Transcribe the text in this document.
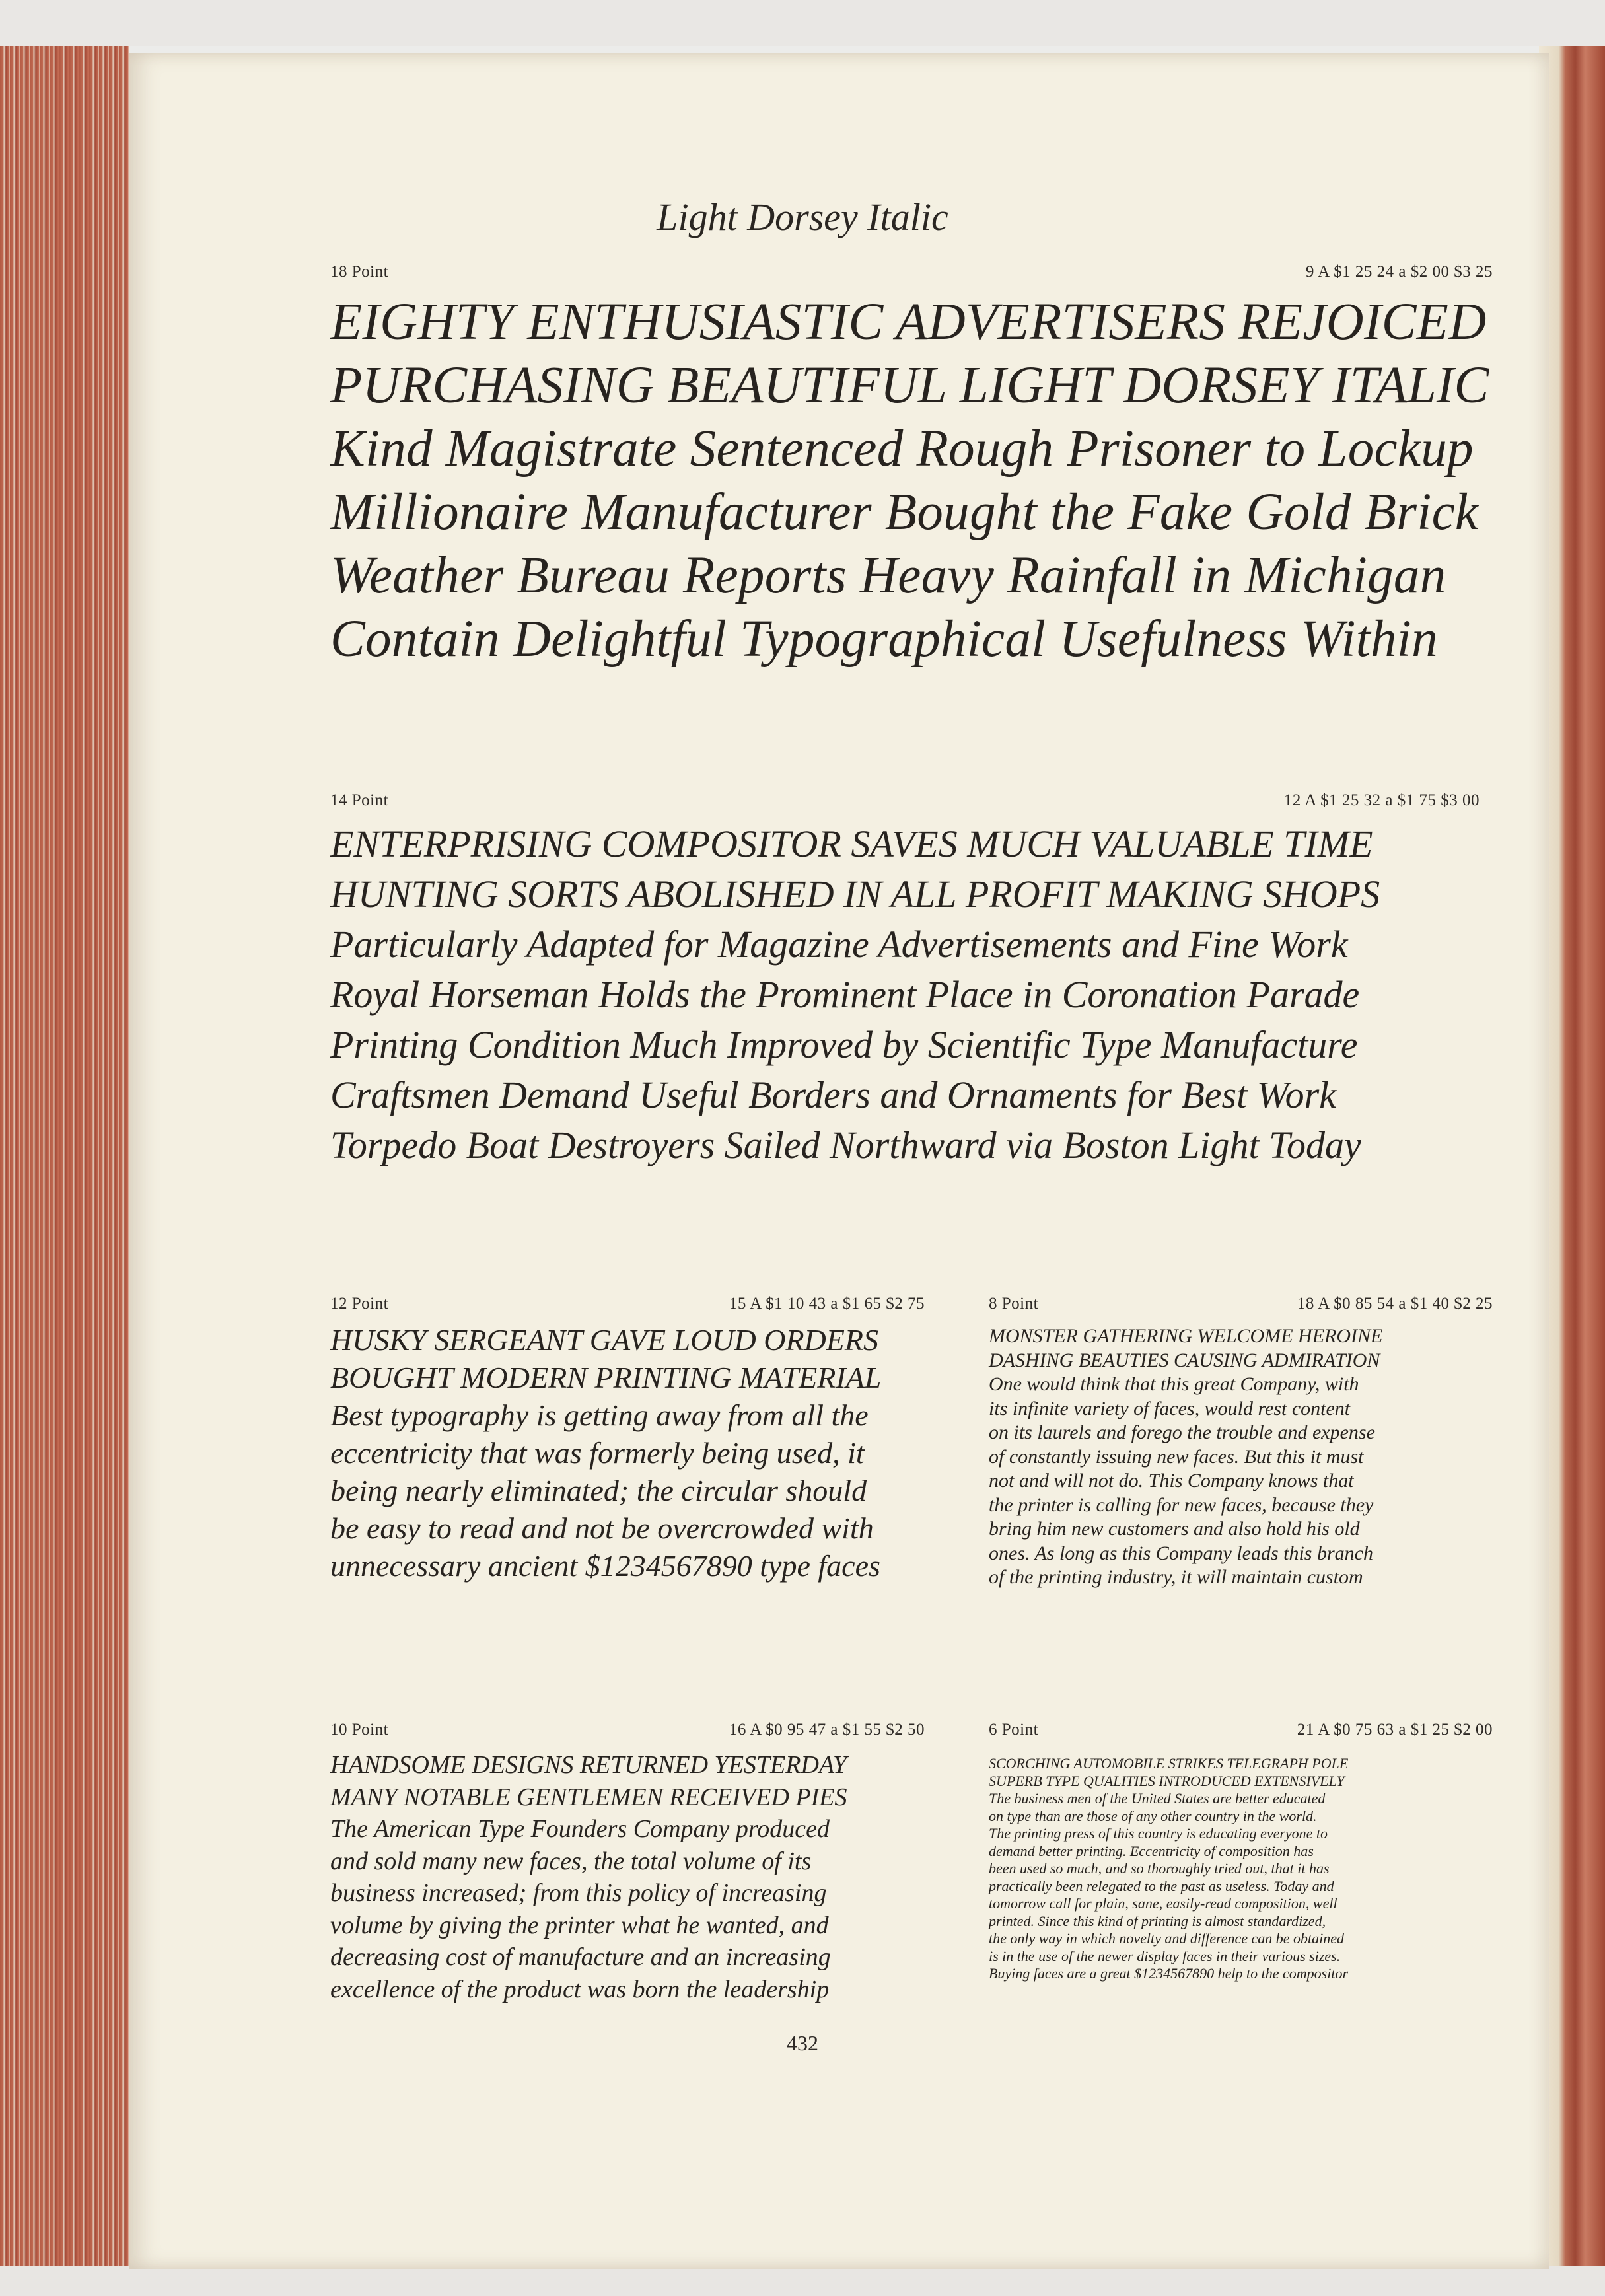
Light Dorsey Italic
18 Point	9 A $1 25 24 a $2 00 $3 25
EIGHTY ENTHUSIASTIC ADVERTISERS REJOICED
PURCHASING BEAUTIFUL LIGHT DORSEY ITALIC
Kind Magistrate Sentenced Rough Prisoner to Lockup
Millionaire Manufacturer Bought the Fake Gold Brick
Weather Bureau Reports Heavy Rainfall in Michigan
Contain Delightful Typographical Usefulness Within
14 Point	12 A $1 25 32 a $1 75 $3 00
ENTERPRISING COMPOSITOR SAVES MUCH VALUABLE TIME
HUNTING SORTS ABOLISHED IN ALL PROFIT MAKING SHOPS
Particularly Adapted for Magazine Advertisements and Fine Work
Royal Horseman Holds the Prominent Place in Coronation Parade
Printing Condition Much Improved by Scientific Type Manufacture
Craftsmen Demand Useful Borders and Ornaments for Best Work
Torpedo Boat Destroyers Sailed Northward via Boston Light Today
12 Point	15 A $1 10 43 a $1 65 $2 75
HUSKY SERGEANT GAVE LOUD ORDERS
BOUGHT MODERN PRINTING MATERIAL
Best typography is getting away from all the
eccentricity that was formerly being used, it
being nearly eliminated; the circular should
be easy to read and not be overcrowded with
unnecessary ancient $1234567890 type faces
8 Point	18 A $0 85 54 a $1 40 $2 25
MONSTER GATHERING WELCOME HEROINE
DASHING BEAUTIES CAUSING ADMIRATION
One would think that this great Company, with
its infinite variety of faces, would rest content
on its laurels and forego the trouble and expense
of constantly issuing new faces. But this it must
not and will not do. This Company knows that
the printer is calling for new faces, because they
bring him new customers and also hold his old
ones. As long as this Company leads this branch
of the printing industry, it will maintain custom
10 Point	16 A $0 95 47 a $1 55 $2 50
HANDSOME DESIGNS RETURNED YESTERDAY
MANY NOTABLE GENTLEMEN RECEIVED PIES
The American Type Founders Company produced
and sold many new faces, the total volume of its
business increased; from this policy of increasing
volume by giving the printer what he wanted, and
decreasing cost of manufacture and an increasing
excellence of the product was born the leadership
6 Point	21 A $0 75 63 a $1 25 $2 00
SCORCHING AUTOMOBILE STRIKES TELEGRAPH POLE
SUPERB TYPE QUALITIES INTRODUCED EXTENSIVELY
The business men of the United States are better educated
on type than are those of any other country in the world.
The printing press of this country is educating everyone to
demand better printing. Eccentricity of composition has
been used so much, and so thoroughly tried out, that it has
practically been relegated to the past as useless. Today and
tomorrow call for plain, sane, easily-read composition, well
printed. Since this kind of printing is almost standardized,
the only way in which novelty and difference can be obtained
is in the use of the newer display faces in their various sizes.
Buying faces are a great $1234567890 help to the compositor
432
